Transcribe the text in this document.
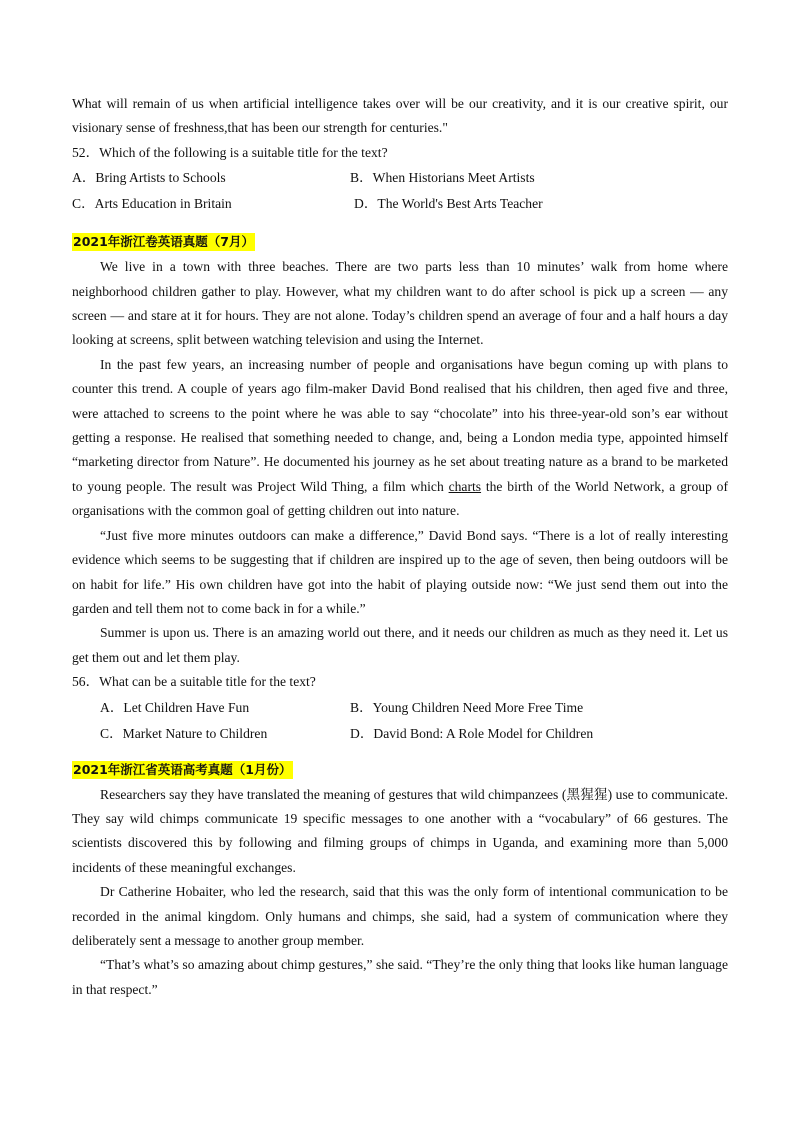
What will remain of us when artificial intelligence takes over will be our creativity, and it is our creative spirit, our visionary sense of freshness,that has been our strength for centuries."

52．Which of the following is a suitable title for the text?

A．Bring Artists to Schools	B．When Historians Meet Artists
C．Arts Education in Britain	D．The World's Best Arts Teacher
2021年浙江卷英语真题（7月）

We live in a town with three beaches. There are two parts less than 10 minutes’ walk from home where neighborhood children gather to play. However, what my children want to do after school is pick up a screen — any screen — and stare at it for hours. They are not alone. Today’s children spend an average of four and a half hours a day looking at screens, split between watching television and using the Internet.

In the past few years, an increasing number of people and organisations have begun coming up with plans to counter this trend. A couple of years ago film-maker David Bond realised that his children, then aged five and three, were attached to screens to the point where he was able to say “chocolate” into his three-year-old son’s ear without getting a response. He realised that something needed to change, and, being a London media type, appointed himself “marketing director from Nature”. He documented his journey as he set about treating nature as a brand to be marketed to young people. The result was Project Wild Thing, a film which charts the birth of the World Network, a group of organisations with the common goal of getting children out into nature.

“Just five more minutes outdoors can make a difference,” David Bond says. “There is a lot of really interesting evidence which seems to be suggesting that if children are inspired up to the age of seven, then being outdoors will be on habit for life.” His own children have got into the habit of playing outside now: “We just send them out into the garden and tell them not to come back in for a while.”

Summer is upon us. There is an amazing world out there, and it needs our children as much as they need it. Let us get them out and let them play.

56．What can be a suitable title for the text?

A．Let Children Have Fun	B．Young Children Need More Free Time
C．Market Nature to Children	D．David Bond: A Role Model for Children
2021年浙江省英语高考真题（1月份）

Researchers say they have translated the meaning of gestures that wild chimpanzees (黑猩猩) use to communicate. They say wild chimps communicate 19 specific messages to one another with a “vocabulary” of 66 gestures. The scientists discovered this by following and filming groups of chimps in Uganda, and examining more than 5,000 incidents of these meaningful exchanges.

Dr Catherine Hobaiter, who led the research, said that this was the only form of intentional communication to be recorded in the animal kingdom. Only humans and chimps, she said, had a system of communication where they deliberately sent a message to another group member.

“That’s what’s so amazing about chimp gestures,” she said. “They’re the only thing that looks like human language in that respect.”
